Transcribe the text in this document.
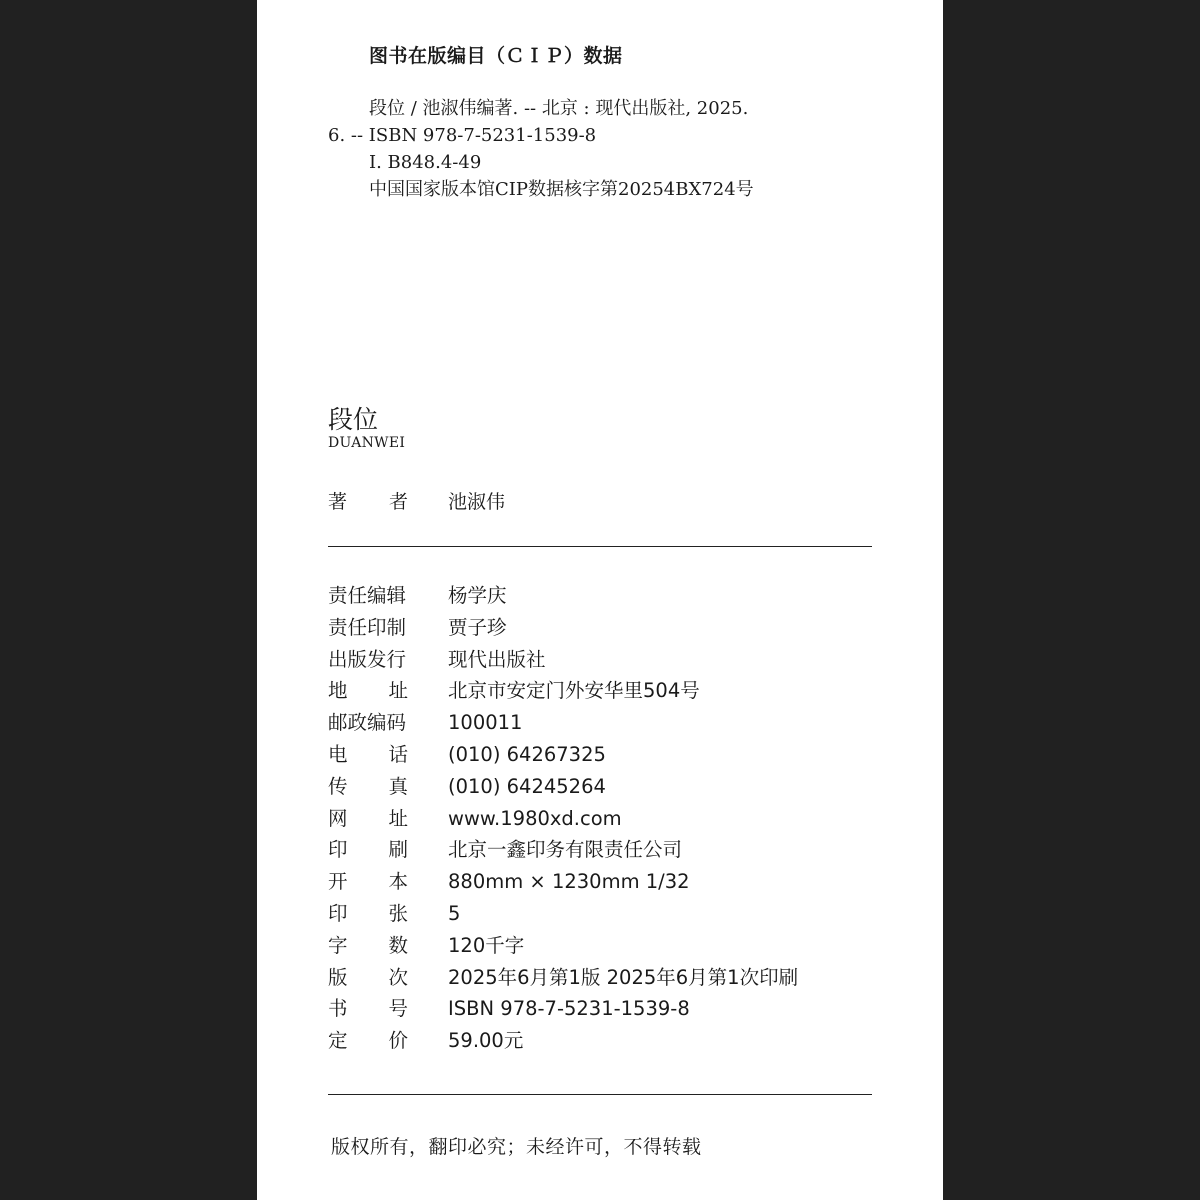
图书在版编目（ＣＩＰ）数据
段位 / 池淑伟编著. -- 北京 : 现代出版社, 2025.
6. -- ISBN 978-7-5231-1539-8
Ⅰ. B848.4-49
中国国家版本馆CIP数据核字第20254BX724号
段位
DUANWEI
著 者 池淑伟
责任编辑 杨学庆
责任印制 贾子珍
出版发行 现代出版社
地 址 北京市安定门外安华里504号
邮政编码 100011
电 话 (010) 64267325
传 真 (010) 64245264
网 址 www.1980xd.com
印 刷 北京一鑫印务有限责任公司
开 本 880mm × 1230mm 1/32
印 张 5
字 数 120千字
版 次 2025年6月第1版 2025年6月第1次印刷
书 号 ISBN 978-7-5231-1539-8
定 价 59.00元
版权所有，翻印必究；未经许可，不得转载
